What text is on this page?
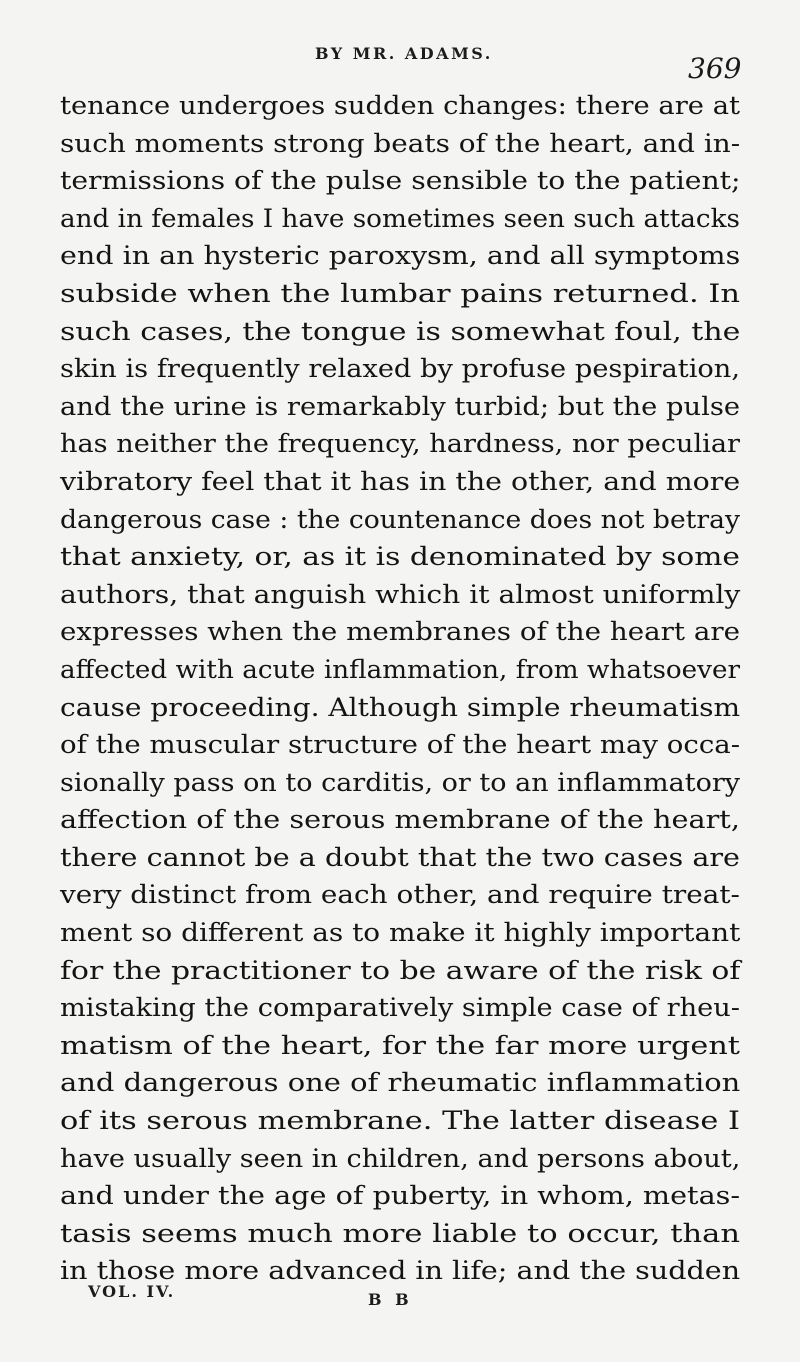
BY MR. ADAMS.	369
tenance undergoes sudden changes: there are at
such moments strong beats of the heart, and in-
termissions of the pulse sensible to the patient;
and in females I have sometimes seen such attacks
end in an hysteric paroxysm, and all symptoms
subside when the lumbar pains returned. In
such cases, the tongue is somewhat foul, the
skin is frequently relaxed by profuse pespiration,
and the urine is remarkably turbid; but the pulse
has neither the frequency, hardness, nor peculiar
vibratory feel that it has in the other, and more
dangerous case : the countenance does not betray
that anxiety, or, as it is denominated by some
authors, that anguish which it almost uniformly
expresses when the membranes of the heart are
affected with acute inflammation, from whatsoever
cause proceeding. Although simple rheumatism
of the muscular structure of the heart may occa-
sionally pass on to carditis, or to an inflammatory
affection of the serous membrane of the heart,
there cannot be a doubt that the two cases are
very distinct from each other, and require treat-
ment so different as to make it highly important
for the practitioner to be aware of the risk of
mistaking the comparatively simple case of rheu-
matism of the heart, for the far more urgent
and dangerous one of rheumatic inflammation
of its serous membrane. The latter disease I
have usually seen in children, and persons about,
and under the age of puberty, in whom, metas-
tasis seems much more liable to occur, than
in those more advanced in life; and the sudden
VOL. IV.	B B
